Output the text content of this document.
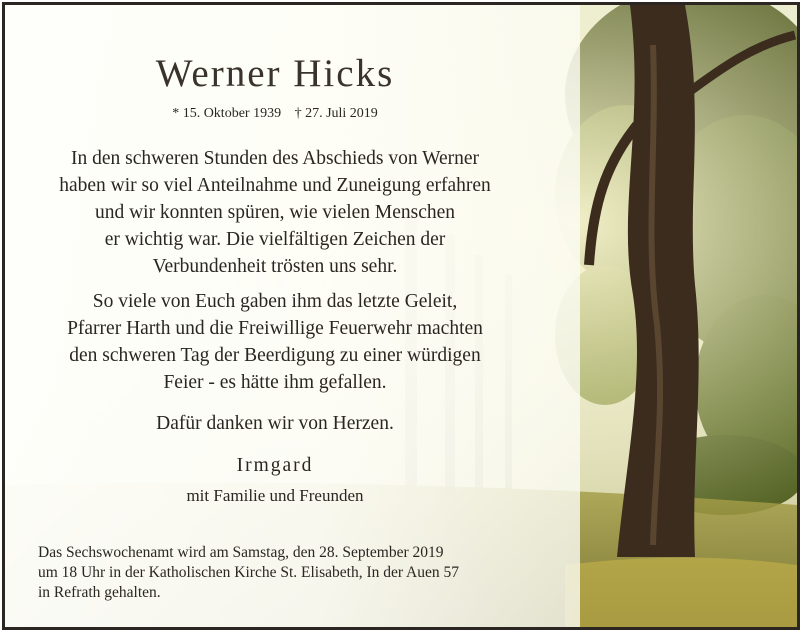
Werner Hicks
* 15. Oktober 1939 † 27. Juli 2019
In den schweren Stunden des Abschieds von Werner
haben wir so viel Anteilnahme und Zuneigung erfahren
und wir konnten spüren, wie vielen Menschen
er wichtig war. Die vielfältigen Zeichen der
Verbundenheit trösten uns sehr.
So viele von Euch gaben ihm das letzte Geleit,
Pfarrer Harth und die Freiwillige Feuerwehr machten
den schweren Tag der Beerdigung zu einer würdigen
Feier - es hätte ihm gefallen.
Dafür danken wir von Herzen.
Irmgard
mit Familie und Freunden
Das Sechswochenamt wird am Samstag, den 28. September 2019
um 18 Uhr in der Katholischen Kirche St. Elisabeth, In der Auen 57
in Refrath gehalten.
